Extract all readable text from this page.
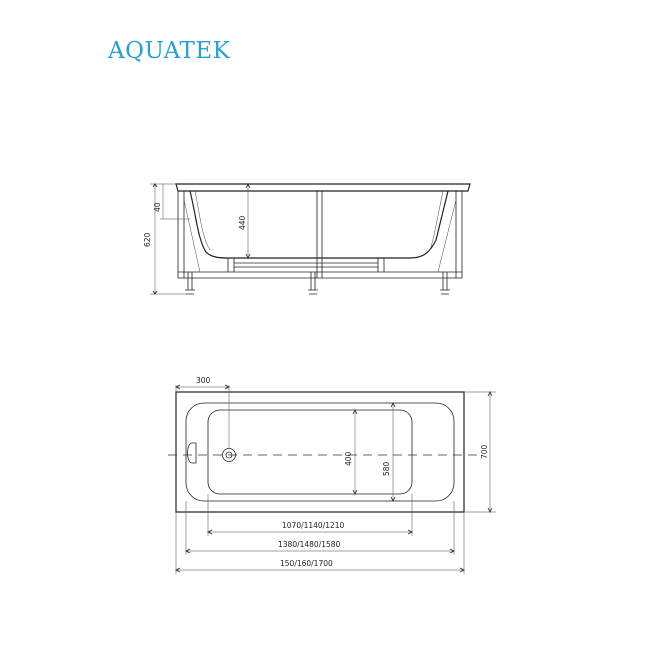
AQUATEK
620
40
440
300
400
580
700
1070/1140/1210
1380/1480/1580
150/160/1700
